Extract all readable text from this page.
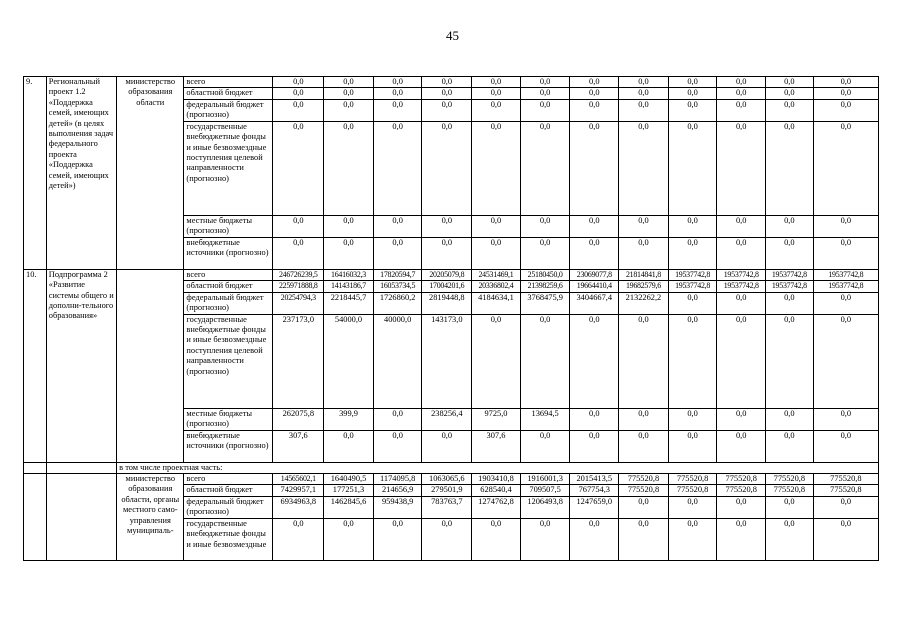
45
9.	Региональный проект 1.2 «Поддержка семей, имеющих детей» (в целях выполнения задач федерального проекта «Поддержка семей, имеющих детей»)	министерство образования области	всего	0,0	0,0	0,0	0,0	0,0	0,0	0,0	0,0	0,0	0,0	0,0	0,0
			областной бюджет	0,0	0,0	0,0	0,0	0,0	0,0	0,0	0,0	0,0	0,0	0,0	0,0
			федеральный бюджет (прогнозно)	0,0	0,0	0,0	0,0	0,0	0,0	0,0	0,0	0,0	0,0	0,0	0,0
			государственные внебюджетные фонды и иные безвозмездные поступления целевой направленности (прогнозно)	0,0	0,0	0,0	0,0	0,0	0,0	0,0	0,0	0,0	0,0	0,0	0,0
			местные бюджеты (прогнозно)	0,0	0,0	0,0	0,0	0,0	0,0	0,0	0,0	0,0	0,0	0,0	0,0
			внебюджетные источники (прогнозно)	0,0	0,0	0,0	0,0	0,0	0,0	0,0	0,0	0,0	0,0	0,0	0,0
10.	Подпрограмма 2 «Развитие системы общего и дополни-тельного образования»		всего	246726239,5	16416032,3	17820594,7	20205079,8	24531469,1	25180450,0	23069077,8	21814841,8	19537742,8	19537742,8	19537742,8	19537742,8
			областной бюджет	225971888,8	14143186,7	16053734,5	17004201,6	20336802,4	21398259,6	19664410,4	19682579,6	19537742,8	19537742,8	19537742,8	19537742,8
			федеральный бюджет (прогнозно)	20254794,3	2218445,7	1726860,2	2819448,8	4184634,1	3768475,9	3404667,4	2132262,2	0,0	0,0	0,0	0,0
			государственные внебюджетные фонды и иные безвозмездные поступления целевой направленности (прогнозно)	237173,0	54000,0	40000,0	143173,0	0,0	0,0	0,0	0,0	0,0	0,0	0,0	0,0
			местные бюджеты (прогнозно)	262075,8	399,9	0,0	238256,4	9725,0	13694,5	0,0	0,0	0,0	0,0	0,0	0,0
			внебюджетные источники (прогнозно)	307,6	0,0	0,0	0,0	307,6	0,0	0,0	0,0	0,0	0,0	0,0	0,0
		в том числе проектная часть:													
		министерство образования области, органы местного само-управления муниципаль-	всего	14565602,1	1640490,5	1174095,8	1063065,6	1903410,8	1916001,3	2015413,5	775520,8	775520,8	775520,8	775520,8	775520,8
			областной бюджет	7429957,1	177251,3	214656,9	279501,9	628540,4	709507,5	767754,3	775520,8	775520,8	775520,8	775520,8	775520,8
			федеральный бюджет (прогнозно)	6934963,8	1462845,6	959438,9	783763,7	1274762,8	1206493,8	1247659,0	0,0	0,0	0,0	0,0	0,0
			государственные внебюджетные фонды и иные безвозмездные	0,0	0,0	0,0	0,0	0,0	0,0	0,0	0,0	0,0	0,0	0,0	0,0
